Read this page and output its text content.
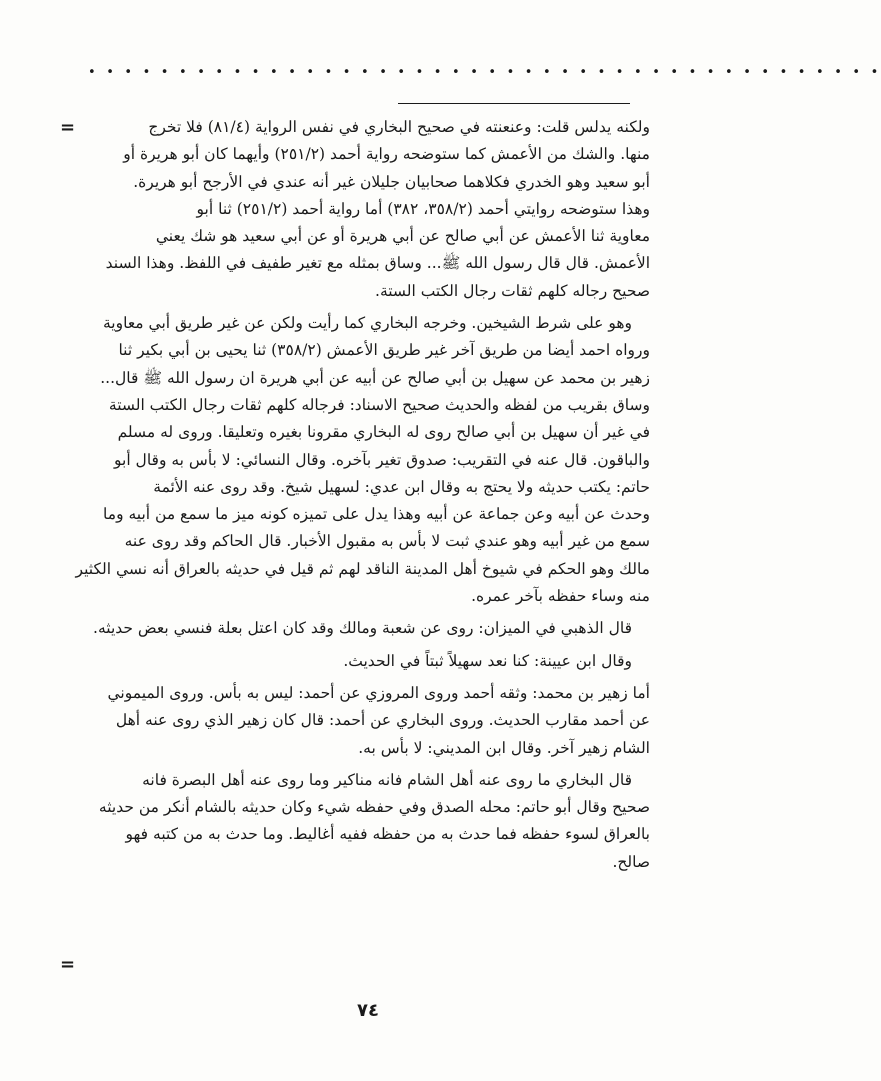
• • • • • • • • • • • • • • • • • • • • • • • • • • • • • • • • • • • • • • • • • • • •
=
=
ولكنه يدلس قلت: وعنعنته في صحيح البخاري في نفس الرواية (٨١/٤) فلا تخرج
منها. والشك من الأعمش كما ستوضحه رواية أحمد (٢٥١/٢) وأيهما كان أبو هريرة أو
أبو سعيد وهو الخدري فكلاهما صحابيان جليلان غير أنه عندي في الأرجح أبو هريرة.
وهذا ستوضحه روايتي أحمد (٣٥٨/٢، ٣٨٢) أما رواية أحمد (٢٥١/٢) ثنا أبو
معاوية ثنا الأعمش عن أبي صالح عن أبي هريرة أو عن أبي سعيد هو شك يعني
الأعمش. قال قال رسول الله ﷺ... وساق بمثله مع تغير طفيف في اللفظ. وهذا السند
صحيح رجاله كلهم ثقات رجال الكتب الستة.
وهو على شرط الشيخين. وخرجه البخاري كما رأيت ولكن عن غير طريق أبي معاوية
ورواه احمد أيضا من طريق آخر غير طريق الأعمش (٣٥٨/٢) ثنا يحيى بن أبي بكير ثنا
زهير بن محمد عن سهيل بن أبي صالح عن أبيه عن أبي هريرة ان رسول الله ﷺ قال...
وساق بقريب من لفظه والحديث صحيح الاسناد: فرجاله كلهم ثقات رجال الكتب الستة
في غير أن سهيل بن أبي صالح روى له البخاري مقرونا بغيره وتعليقا. وروى له مسلم
والباقون. قال عنه في التقريب: صدوق تغير بآخره. وقال النسائي: لا بأس به وقال أبو
حاتم: يكتب حديثه ولا يحتج به وقال ابن عدي: لسهيل شيخ. وقد روى عنه الأئمة
وحدث عن أبيه وعن جماعة عن أبيه وهذا يدل على تميزه كونه ميز ما سمع من أبيه وما
سمع من غير أبيه وهو عندي ثبت لا بأس به مقبول الأخبار. قال الحاكم وقد روى عنه
مالك وهو الحكم في شيوخ أهل المدينة الناقد لهم ثم قيل في حديثه بالعراق أنه نسي الكثير
منه وساء حفظه بآخر عمره.
قال الذهبي في الميزان: روى عن شعبة ومالك وقد كان اعتل بعلة فنسي بعض حديثه.
وقال ابن عيينة: كنا نعد سهيلاً ثبتاً في الحديث.
أما زهير بن محمد: وثقه أحمد وروى المروزي عن أحمد: ليس به بأس. وروى الميموني
عن أحمد مقارب الحديث. وروى البخاري عن أحمد: قال كان زهير الذي روى عنه أهل
الشام زهير آخر. وقال ابن المديني: لا بأس به.
قال البخاري ما روى عنه أهل الشام فانه مناكير وما روى عنه أهل البصرة فانه
صحيح وقال أبو حاتم: محله الصدق وفي حفظه شيء وكان حديثه بالشام أنكر من حديثه
بالعراق لسوء حفظه فما حدث به من حفظه ففيه أغاليط. وما حدث به من كتبه فهو
صالح.
٧٤
